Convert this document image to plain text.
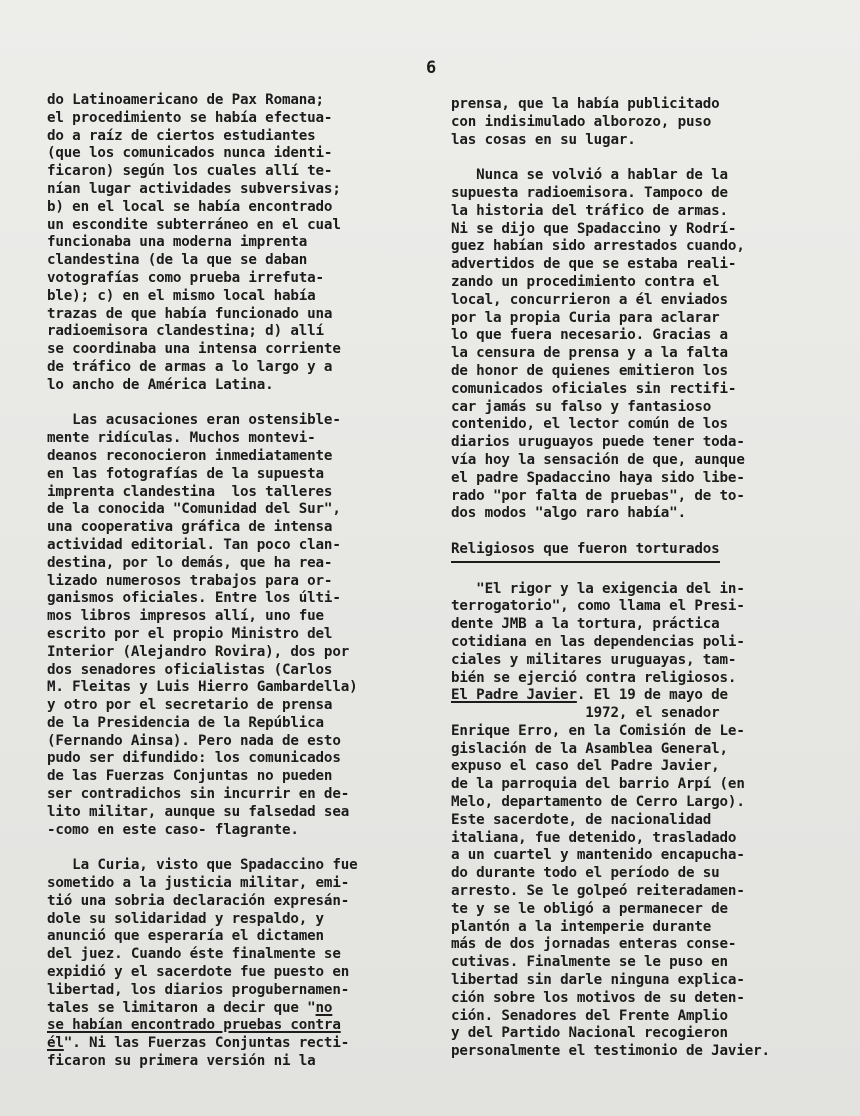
6
do Latinoamericano de Pax Romana;
el procedimiento se había efectua-
do a raíz de ciertos estudiantes
(que los comunicados nunca identi-
ficaron) según los cuales allí te-
nían lugar actividades subversivas;
b) en el local se había encontrado
un escondite subterráneo en el cual
funcionaba una moderna imprenta
clandestina (de la que se daban
votografías como prueba irrefuta-
ble); c) en el mismo local había
trazas de que había funcionado una
radioemisora clandestina; d) allí
se coordinaba una intensa corriente
de tráfico de armas a lo largo y a
lo ancho de América Latina.
Las acusaciones eran ostensible-
mente ridículas. Muchos montevi-
deanos reconocieron inmediatamente
en las fotografías de la supuesta
imprenta clandestina  los talleres
de la conocida "Comunidad del Sur",
una cooperativa gráfica de intensa
actividad editorial. Tan poco clan-
destina, por lo demás, que ha rea-
lizado numerosos trabajos para or-
ganismos oficiales. Entre los últi-
mos libros impresos allí, uno fue
escrito por el propio Ministro del
Interior (Alejandro Rovira), dos por
dos senadores oficialistas (Carlos
M. Fleitas y Luis Hierro Gambardella)
y otro por el secretario de prensa
de la Presidencia de la República
(Fernando Ainsa). Pero nada de esto
pudo ser difundido: los comunicados
de las Fuerzas Conjuntas no pueden
ser contradichos sin incurrir en de-
lito militar, aunque su falsedad sea
-como en este caso- flagrante.
La Curia, visto que Spadaccino fue
sometido a la justicia militar, emi-
tió una sobria declaración expresán-
dole su solidaridad y respaldo, y
anunció que esperaría el dictamen
del juez. Cuando éste finalmente se
expidió y el sacerdote fue puesto en
libertad, los diarios progubernamen-
tales se limitaron a decir que "no
se habían encontrado pruebas contra
él". Ni las Fuerzas Conjuntas recti-
ficaron su primera versión ni la
prensa, que la había publicitado
con indisimulado alborozo, puso
las cosas en su lugar.
Nunca se volvió a hablar de la
supuesta radioemisora. Tampoco de
la historia del tráfico de armas.
Ni se dijo que Spadaccino y Rodrí-
guez habían sido arrestados cuando,
advertidos de que se estaba reali-
zando un procedimiento contra el
local, concurrieron a él enviados
por la propia Curia para aclarar
lo que fuera necesario. Gracias a
la censura de prensa y a la falta
de honor de quienes emitieron los
comunicados oficiales sin rectifi-
car jamás su falso y fantasioso
contenido, el lector común de los
diarios uruguayos puede tener toda-
vía hoy la sensación de que, aunque
el padre Spadaccino haya sido libe-
rado "por falta de pruebas", de to-
dos modos "algo raro había".
Religiosos que fueron torturados
"El rigor y la exigencia del in-
terrogatorio", como llama el Presi-
dente JMB a la tortura, práctica
cotidiana en las dependencias poli-
ciales y militares uruguayas, tam-
bién se ejerció contra religiosos.
El Padre Javier. El 19 de mayo de
1972, el senador
Enrique Erro, en la Comisión de Le-
gislación de la Asamblea General,
expuso el caso del Padre Javier,
de la parroquia del barrio Arpí (en
Melo, departamento de Cerro Largo).
Este sacerdote, de nacionalidad
italiana, fue detenido, trasladado
a un cuartel y mantenido encapucha-
do durante todo el período de su
arresto. Se le golpeó reiteradamen-
te y se le obligó a permanecer de
plantón a la intemperie durante
más de dos jornadas enteras conse-
cutivas. Finalmente se le puso en
libertad sin darle ninguna explica-
ción sobre los motivos de su deten-
ción. Senadores del Frente Amplio
y del Partido Nacional recogieron
personalmente el testimonio de Javier.
